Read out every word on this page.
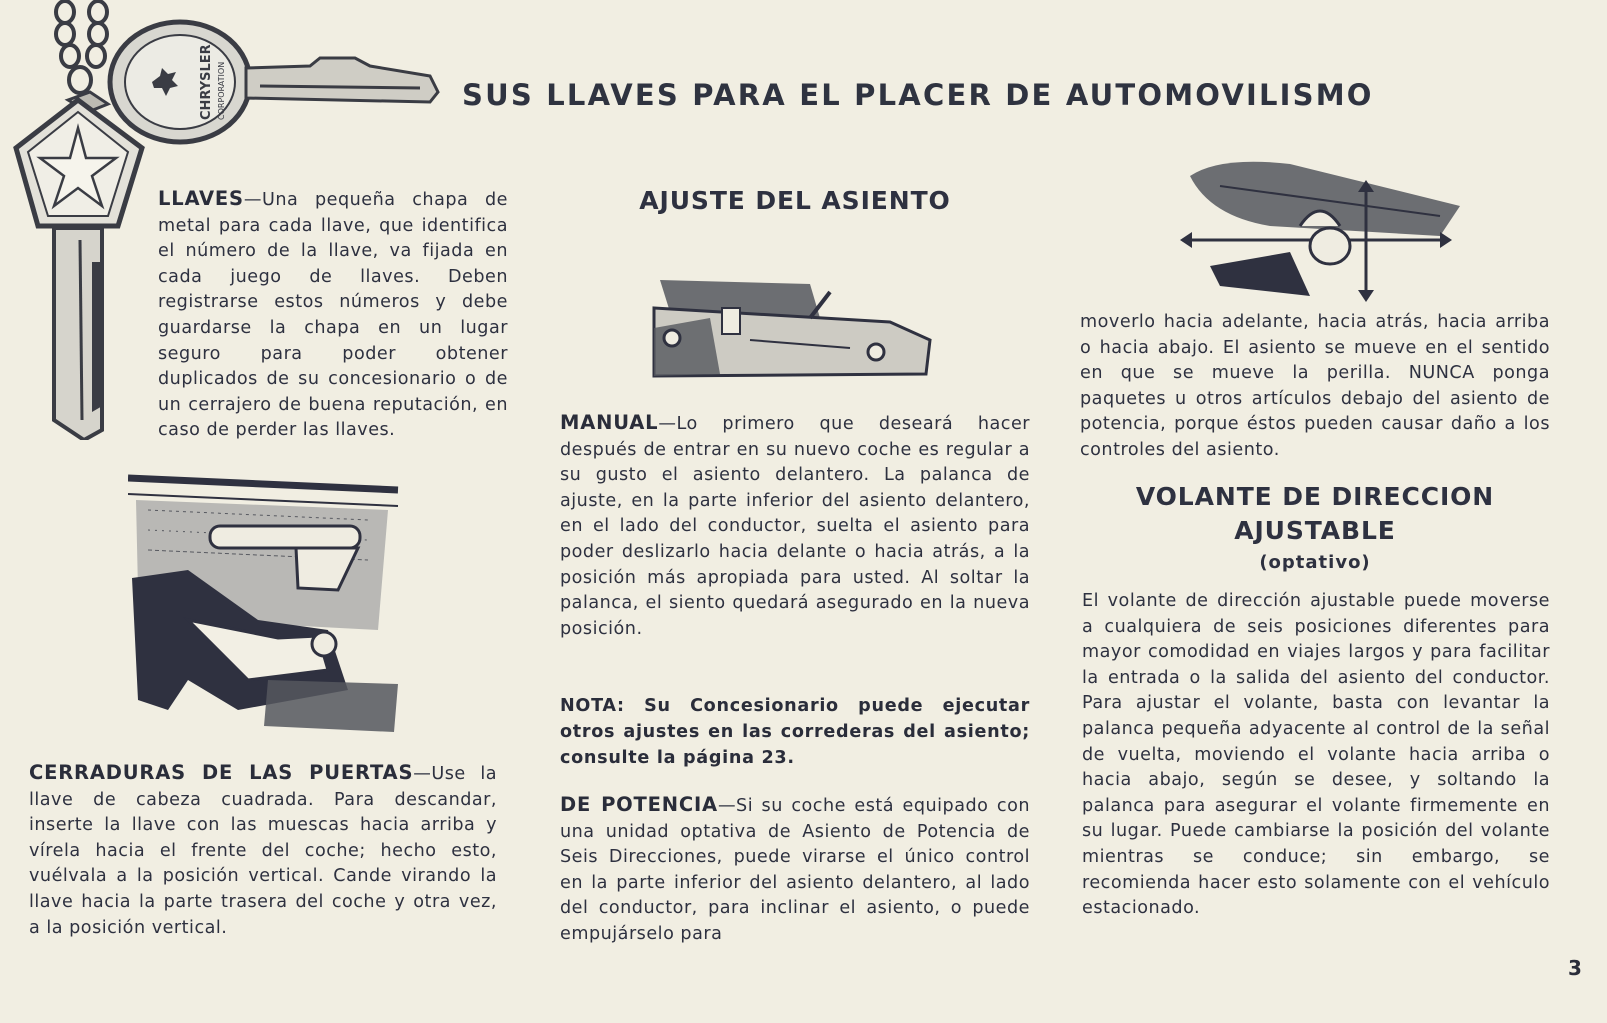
CHRYSLER CORPORATION	SUS LLAVES PARA EL PLACER DE AUTOMOVILISMO

LLAVES—Una pequeña chapa de metal para cada llave, que identifica el número de la llave, va fijada en cada juego de llaves. Deben registrarse estos números y debe guardarse la chapa en un lugar seguro para poder obtener duplicados de su concesionario o de un cerrajero de buena reputación, en caso de perder las llaves.

CERRADURAS DE LAS PUERTAS—Use la llave de cabeza cuadrada. Para descandar, inserte la llave con las muescas hacia arriba y vírela hacia el frente del coche; hecho esto, vuélvala a la posición vertical. Cande virando la llave hacia la parte trasera del coche y otra vez, a la posición vertical.

AJUSTE DEL ASIENTO

MANUAL—Lo primero que deseará hacer después de entrar en su nuevo coche es regular a su gusto el asiento delantero. La palanca de ajuste, en la parte inferior del asiento delantero, en el lado del conductor, suelta el asiento para poder deslizarlo hacia delante o hacia atrás, a la posición más apropiada para usted. Al soltar la palanca, el siento quedará asegurado en la nueva posición.

NOTA: Su Concesionario puede ejecutar otros ajustes en las correderas del asiento; consulte la página 23.

DE POTENCIA—Si su coche está equipado con una unidad optativa de Asiento de Potencia de Seis Direcciones, puede virarse el único control en la parte inferior del asiento delantero, al lado del conductor, para inclinar el asiento, o puede empujárselo para

moverlo hacia adelante, hacia atrás, hacia arriba o hacia abajo. El asiento se mueve en el sentido en que se mueve la perilla. NUNCA ponga paquetes u otros artículos debajo del asiento de potencia, porque éstos pueden causar daño a los controles del asiento.

VOLANTE DE DIRECCION
AJUSTABLE
(optativo)

El volante de dirección ajustable puede moverse a cualquiera de seis posiciones diferentes para mayor comodidad en viajes largos y para facilitar la entrada o la salida del asiento del conductor. Para ajustar el volante, basta con levantar la palanca pequeña adyacente al control de la señal de vuelta, moviendo el volante hacia arriba o hacia abajo, según se desee, y soltando la palanca para asegurar el volante firmemente en su lugar. Puede cambiarse la posición del volante mientras se conduce; sin embargo, se recomienda hacer esto solamente con el vehículo estacionado.

3
